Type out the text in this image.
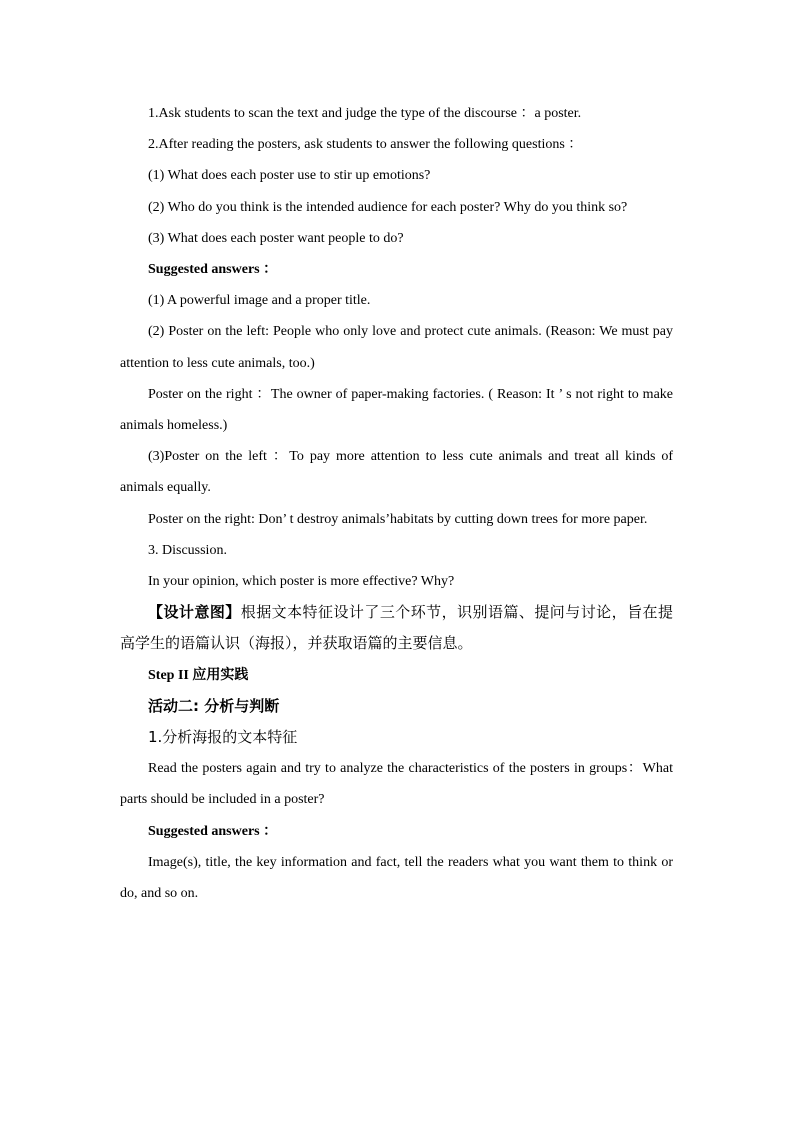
1.Ask students to scan the text and judge the type of the discourse ：a poster.

2.After reading the posters, ask students to answer the following questions ：

(1) What does each poster use to stir up emotions?

(2) Who do you think is the intended audience for each poster? Why do you think so?

(3) What does each poster want people to do?

Suggested answers ：

(1) A powerful image and a proper title.

(2) Poster on the left: People who only love and protect cute animals. (Reason: We must pay attention to less cute animals, too.)

Poster on the right ：The owner of paper-making factories. ( Reason: It ’ s not right to make animals homeless.)

(3)Poster on the left ：To pay more attention to less cute animals and treat all kinds of animals equally.

Poster on the right: Don’ t destroy animals’habitats by cutting down trees for more paper.

3. Discussion.

In your opinion, which poster is more effective? Why?

【设计意图】根据文本特征设计了三个环节，识别语篇、提问与讨论，旨在提高学生的语篇认识（海报），并获取语篇的主要信息。

Step II 应用实践

活动二: 分析与判断

1.分析海报的文本特征

Read the posters again and try to analyze the characteristics of the posters in groups：What parts should be included in a poster?

Suggested answers ：

Image(s), title, the key information and fact, tell the readers what you want them to think or do, and so on.
